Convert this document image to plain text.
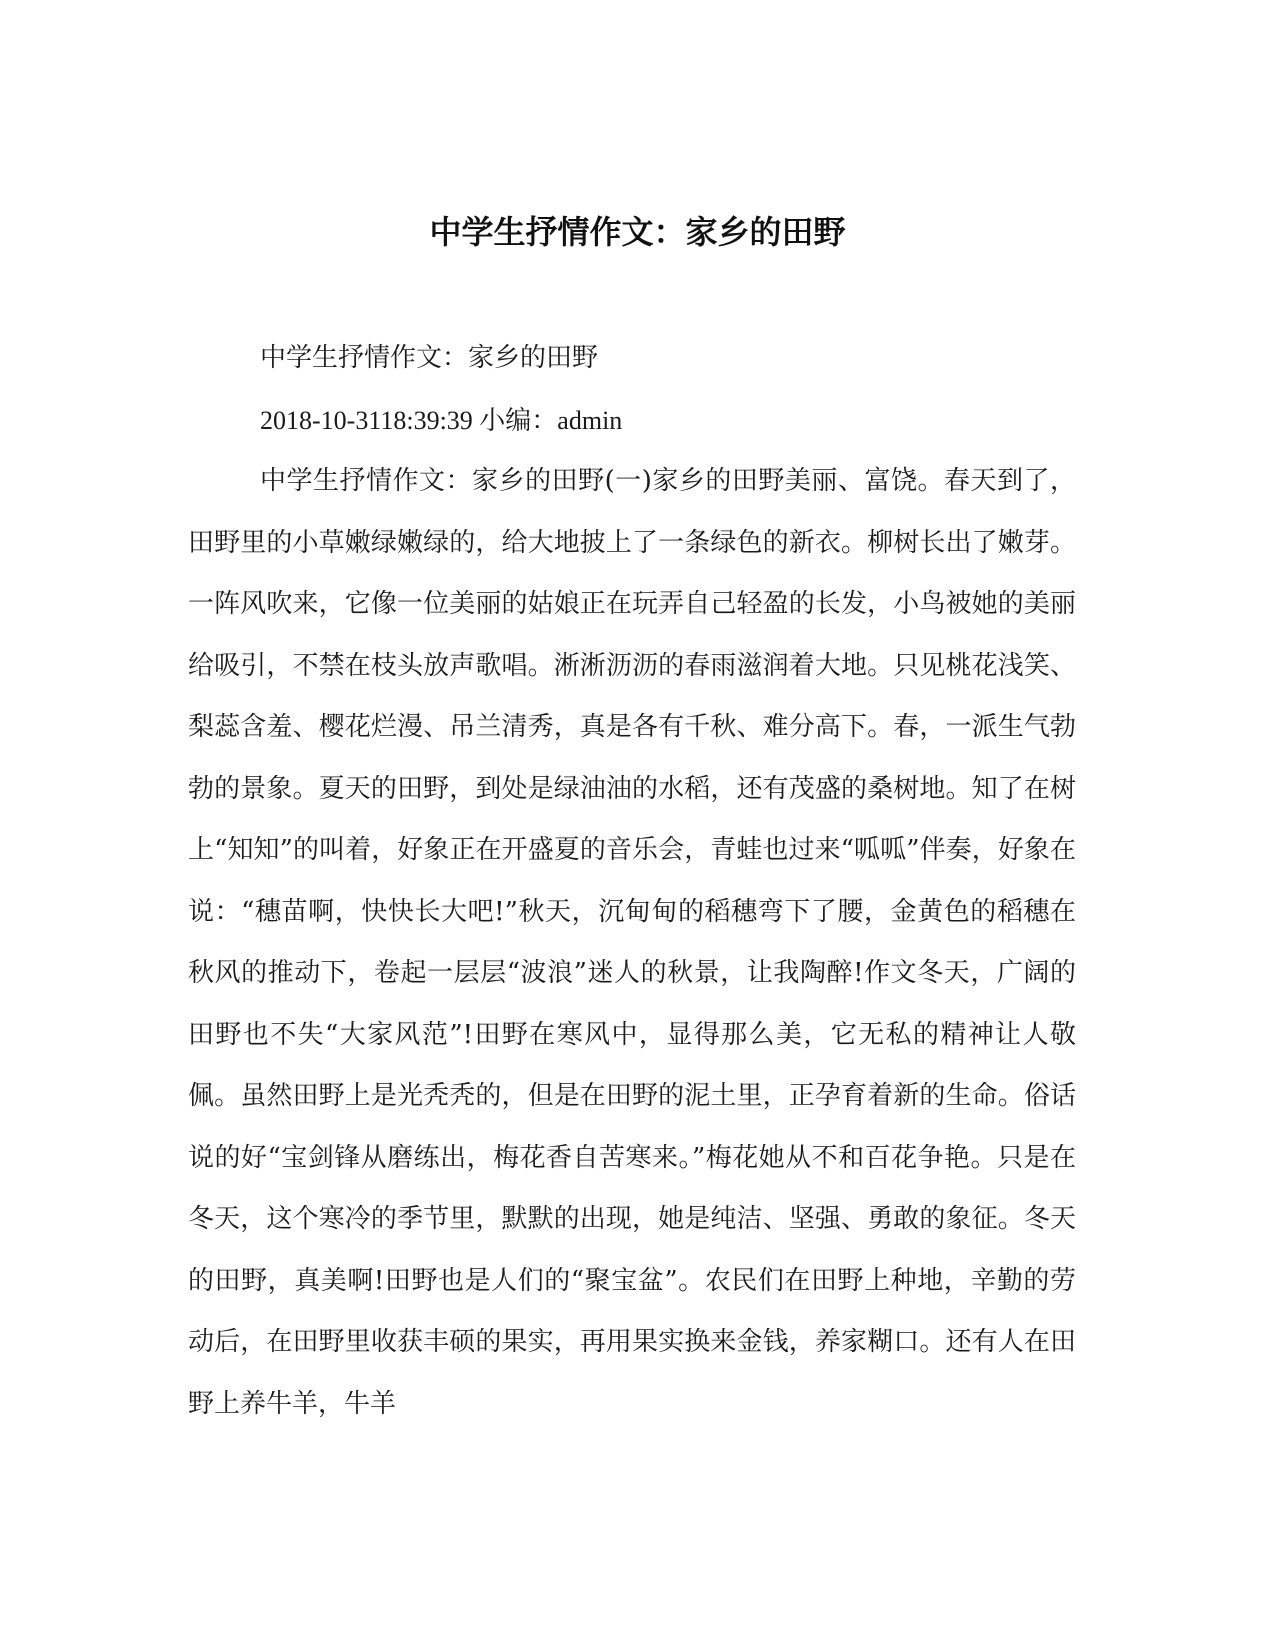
中学生抒情作文：家乡的田野

中学生抒情作文：家乡的田野

2018-10-3118:39:39 小编：admin

中学生抒情作文：家乡的田野(一)家乡的田野美丽、富饶。春天到了，田野里的小草嫩绿嫩绿的，给大地披上了一条绿色的新衣。柳树长出了嫩芽。一阵风吹来，它像一位美丽的姑娘正在玩弄自己轻盈的长发，小鸟被她的美丽给吸引，不禁在枝头放声歌唱。淅淅沥沥的春雨滋润着大地。只见桃花浅笑、梨蕊含羞、樱花烂漫、吊兰清秀，真是各有千秋、难分高下。春，一派生气勃勃的景象。夏天的田野，到处是绿油油的水稻，还有茂盛的桑树地。知了在树上“知知”的叫着，好象正在开盛夏的音乐会，青蛙也过来“呱呱”伴奏，好象在说：“穗苗啊，快快长大吧!”秋天，沉甸甸的稻穗弯下了腰，金黄色的稻穗在秋风的推动下，卷起一层层“波浪”迷人的秋景，让我陶醉!作文冬天，广阔的田野也不失“大家风范”!田野在寒风中，显得那么美，它无私的精神让人敬佩。虽然田野上是光秃秃的，但是在田野的泥土里，正孕育着新的生命。俗话说的好“宝剑锋从磨练出，梅花香自苦寒来。”梅花她从不和百花争艳。只是在冬天，这个寒冷的季节里，默默的出现，她是纯洁、坚强、勇敢的象征。冬天的田野，真美啊!田野也是人们的“聚宝盆”。农民们在田野上种地，辛勤的劳动后，在田野里收获丰硕的果实，再用果实换来金钱，养家糊口。还有人在田野上养牛羊，牛羊
